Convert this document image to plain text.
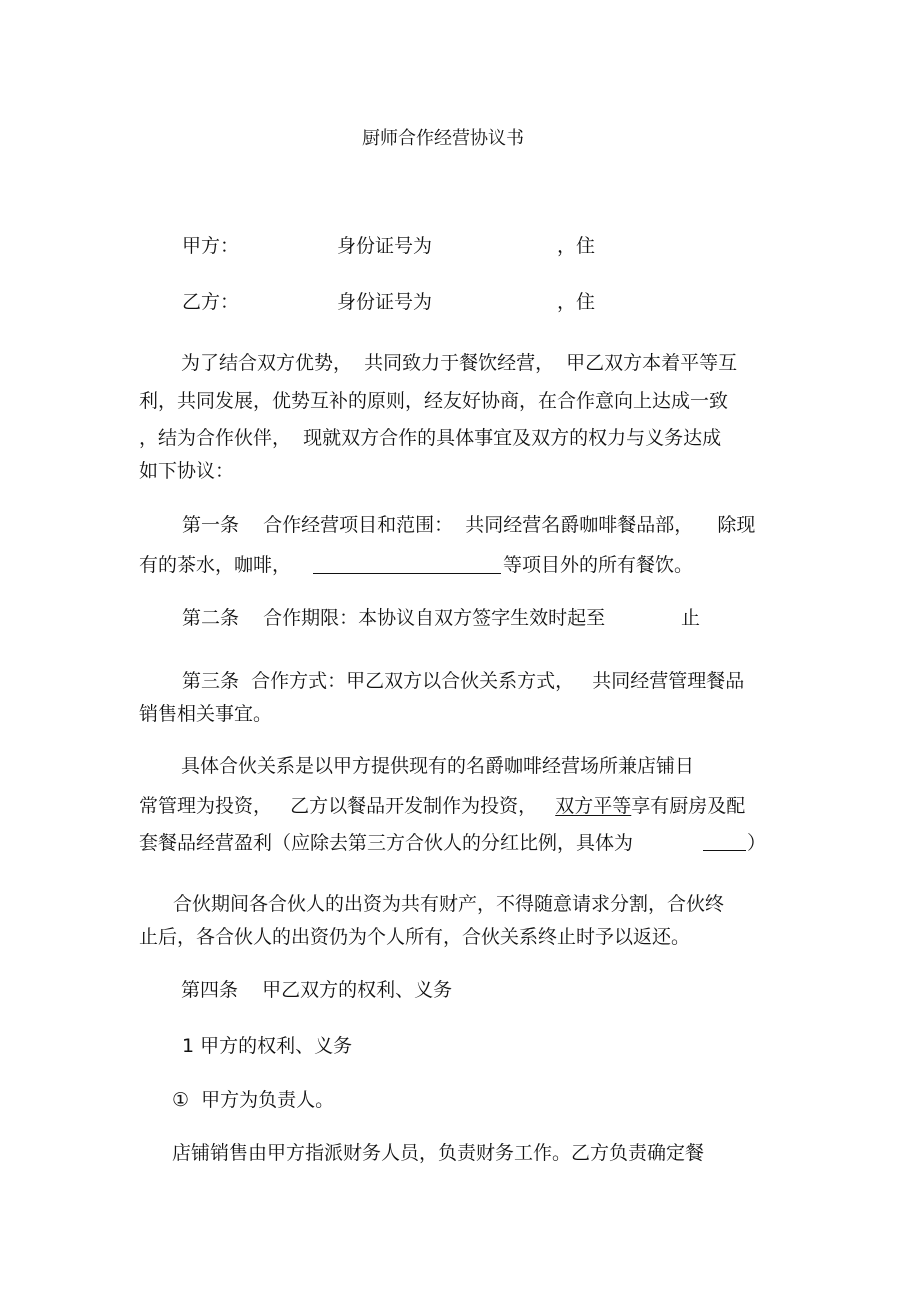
厨师合作经营协议书
甲方：	身份证号为	，住
乙方：	身份证号为	，住
为了结合双方优势，  共同致力于餐饮经营，  甲乙双方本着平等互
利，共同发展，优势互补的原则，经友好协商，在合作意向上达成一致
，结为合作伙伴，  现就双方合作的具体事宜及双方的权力与义务达成
如下协议：
第一条    合作经营项目和范围：  共同经营名爵咖啡餐品部，    除现
有的茶水，咖啡，	等项目外的所有餐饮。
第二条    合作期限：本协议自双方签字生效时起至	止
第三条  合作方式：甲乙双方以合伙关系方式，   共同经营管理餐品
销售相关事宜。
具体合伙关系是以甲方提供现有的名爵咖啡经营场所兼店铺日
常管理为投资，   乙方以餐品开发制作为投资，   双方平等享有厨房及配
套餐品经营盈利（应除去第三方合伙人的分红比例，具体为	）
合伙期间各合伙人的出资为共有财产，不得随意请求分割，合伙终
止后，各合伙人的出资仍为个人所有，合伙关系终止时予以返还。
第四条    甲乙双方的权利、义务
1 甲方的权利、义务
①  甲方为负责人。
店铺销售由甲方指派财务人员，负责财务工作。乙方负责确定餐
